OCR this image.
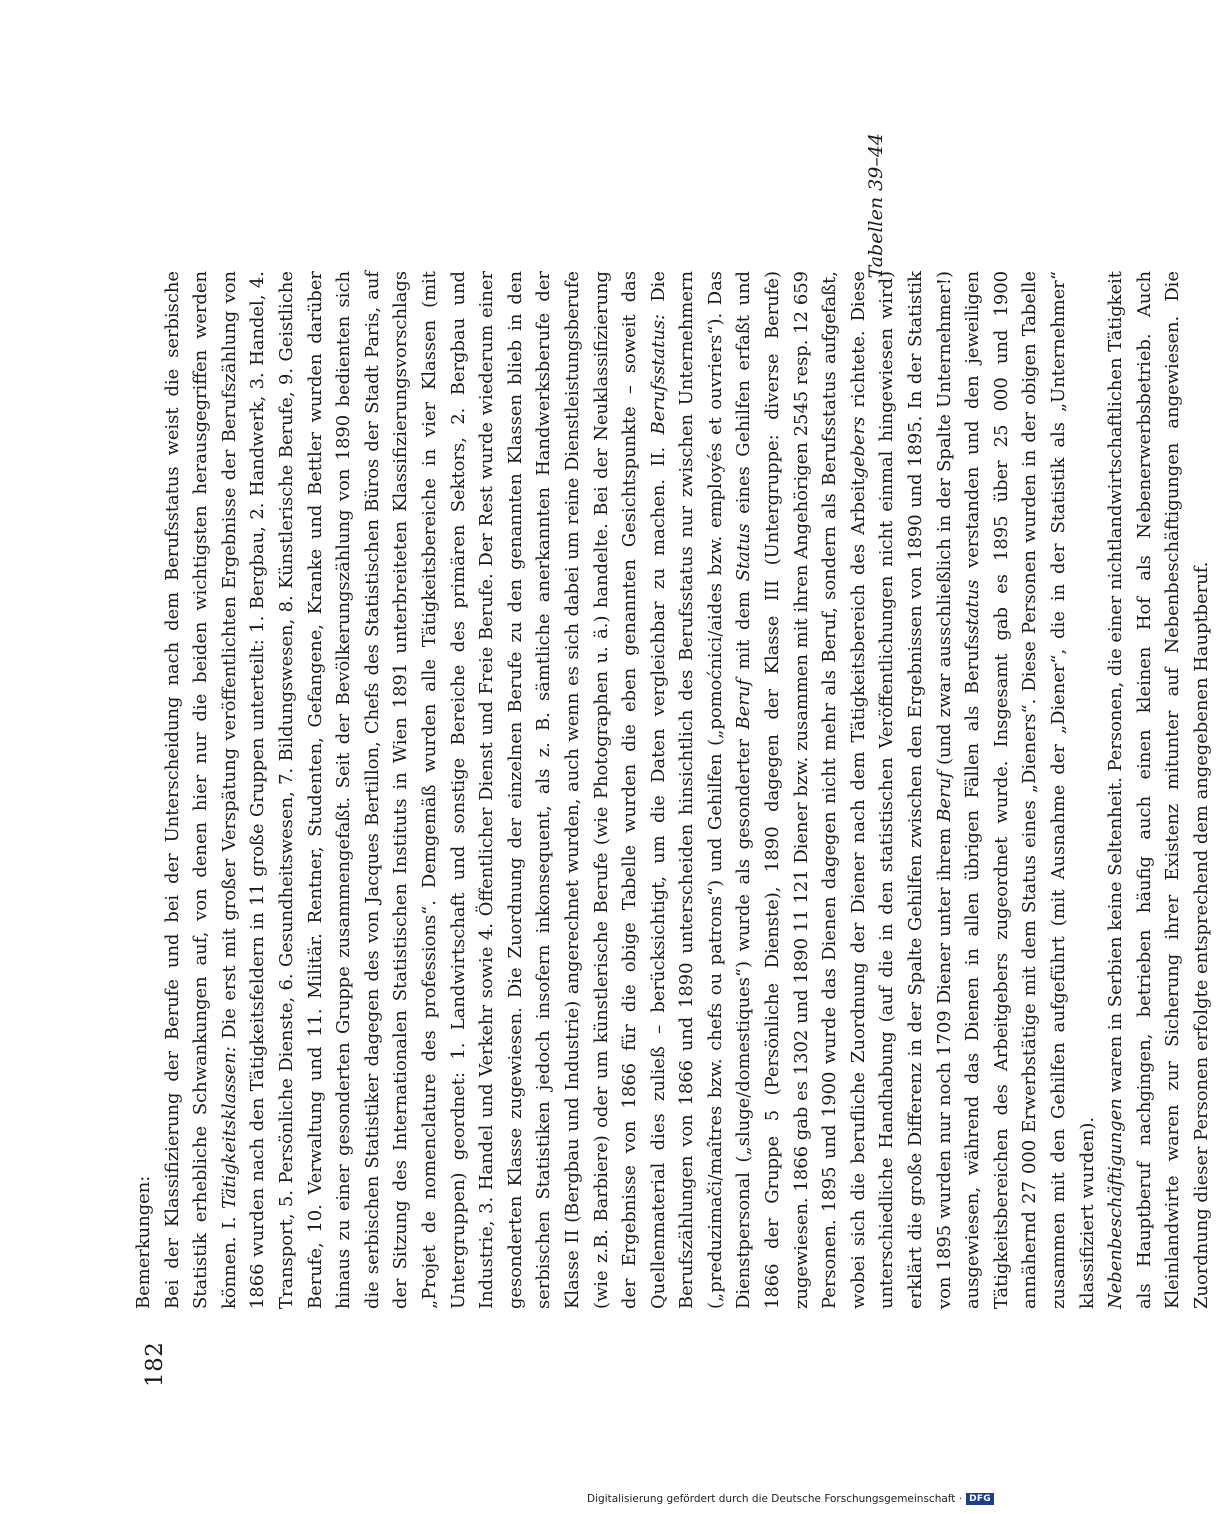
182
Tabellen 39–44

Bemerkungen: Bei der Klassifizierung der Berufe und bei der Unterscheidung nach dem Berufsstatus weist die serbische Statistik erhebliche Schwankungen auf, von denen hier nur die beiden wichtigsten herausgegriffen werden können. I. Tätigkeitsklassen: Die erst mit großer Verspätung veröffentlichten Ergebnisse der Berufszählung von 1866 wurden nach den Tätigkeitsfeldern in 11 große Gruppen unterteilt: 1. Bergbau, 2. Handwerk, 3. Handel, 4. Transport, 5. Persönliche Dienste, 6. Gesundheitswesen, 7. Bildungswesen, 8. Künstlerische Berufe, 9. Geistliche Berufe, 10. Verwaltung und 11. Militär. Rentner, Studenten, Gefangene, Kranke und Bettler wurden darüber hinaus zu einer gesonderten Gruppe zusammengefaßt. Seit der Bevölkerungszählung von 1890 bedienten sich die serbischen Statistiker dagegen des von Jacques Bertillon, Chefs des Statistischen Büros der Stadt Paris, auf der Sitzung des Internationalen Statistischen Instituts in Wien 1891 unterbreiteten Klassifizierungsvorschlags „Projet de nomenclature des professions“. Demgemäß wurden alle Tätigkeitsbereiche in vier Klassen (mit Untergruppen) geordnet: 1. Landwirtschaft und sonstige Bereiche des primären Sektors, 2. Bergbau und Industrie, 3. Handel und Verkehr sowie 4. Öffentlicher Dienst und Freie Berufe. Der Rest wurde wiederum einer gesonderten Klasse zugewiesen. Die Zuordnung der einzelnen Berufe zu den genannten Klassen blieb in den serbischen Statistiken jedoch insofern inkonsequent, als z. B. sämtliche anerkannten Handwerksberufe der Klasse II (Bergbau und Industrie) angerechnet wurden, auch wenn es sich dabei um reine Dienstleistungsberufe (wie z.B. Barbiere) oder um künstlerische Berufe (wie Photographen u. ä.) handelte. Bei der Neuklassifizierung der Ergebnisse von 1866 für die obige Tabelle wurden die eben genannten Gesichtspunkte – soweit das Quellenmaterial dies zuließ – berücksichtigt, um die Daten vergleichbar zu machen. II. Berufsstatus: Die Berufszählungen von 1866 und 1890 unterscheiden hinsichtlich des Berufsstatus nur zwischen Unternehmern („preduzimači/maîtres bzw. chefs ou patrons“) und Gehilfen („pomoćnici/aides bzw. employés et ouvriers“). Das Dienstpersonal („sluge/domestiques“) wurde als gesonderter Beruf mit dem Status eines Gehilfen erfaßt und 1866 der Gruppe 5 (Persönliche Dienste), 1890 dagegen der Klasse III (Untergruppe: diverse Berufe) zugewiesen. 1866 gab es 1302 und 1890 11 121 Diener bzw. zusammen mit ihren Angehörigen 2545 resp. 12 659 Personen. 1895 und 1900 wurde das Dienen dagegen nicht mehr als Beruf, sondern als Berufsstatus aufgefaßt, wobei sich die berufliche Zuordnung der Diener nach dem Tätigkeitsbereich des Arbeitgebers richtete. Diese unterschiedliche Handhabung (auf die in den statistischen Veröffentlichungen nicht einmal hingewiesen wird) erklärt die große Differenz in der Spalte Gehilfen zwischen den Ergebnissen von 1890 und 1895. In der Statistik von 1895 wurden nur noch 1709 Diener unter ihrem Beruf (und zwar ausschließlich in der Spalte Unternehmer!) ausgewiesen, während das Dienen in allen übrigen Fällen als Berufsstatus verstanden und den jeweiligen Tätigkeitsbereichen des Arbeitgebers zugeordnet wurde. Insgesamt gab es 1895 über 25 000 und 1900 annähernd 27 000 Erwerbstätige mit dem Status eines „Dieners“. Diese Personen wurden in der obigen Tabelle zusammen mit den Gehilfen aufgeführt (mit Ausnahme der „Diener“, die in der Statistik als „Unternehmer“ klassifiziert wurden). Nebenbeschäftigungen waren in Serbien keine Seltenheit. Personen, die einer nichtlandwirtschaftlichen Tätigkeit als Hauptberuf nachgingen, betrieben häufig auch einen kleinen Hof als Nebenerwerbsbetrieb. Auch Kleinlandwirte waren zur Sicherung ihrer Existenz mitunter auf Nebenbeschäftigungen angewiesen. Die Zuordnung dieser Personen erfolgte entsprechend dem angegebenen Hauptberuf.

Digitalisierung gefördert durch die Deutsche Forschungsgemeinschaft · DFG
